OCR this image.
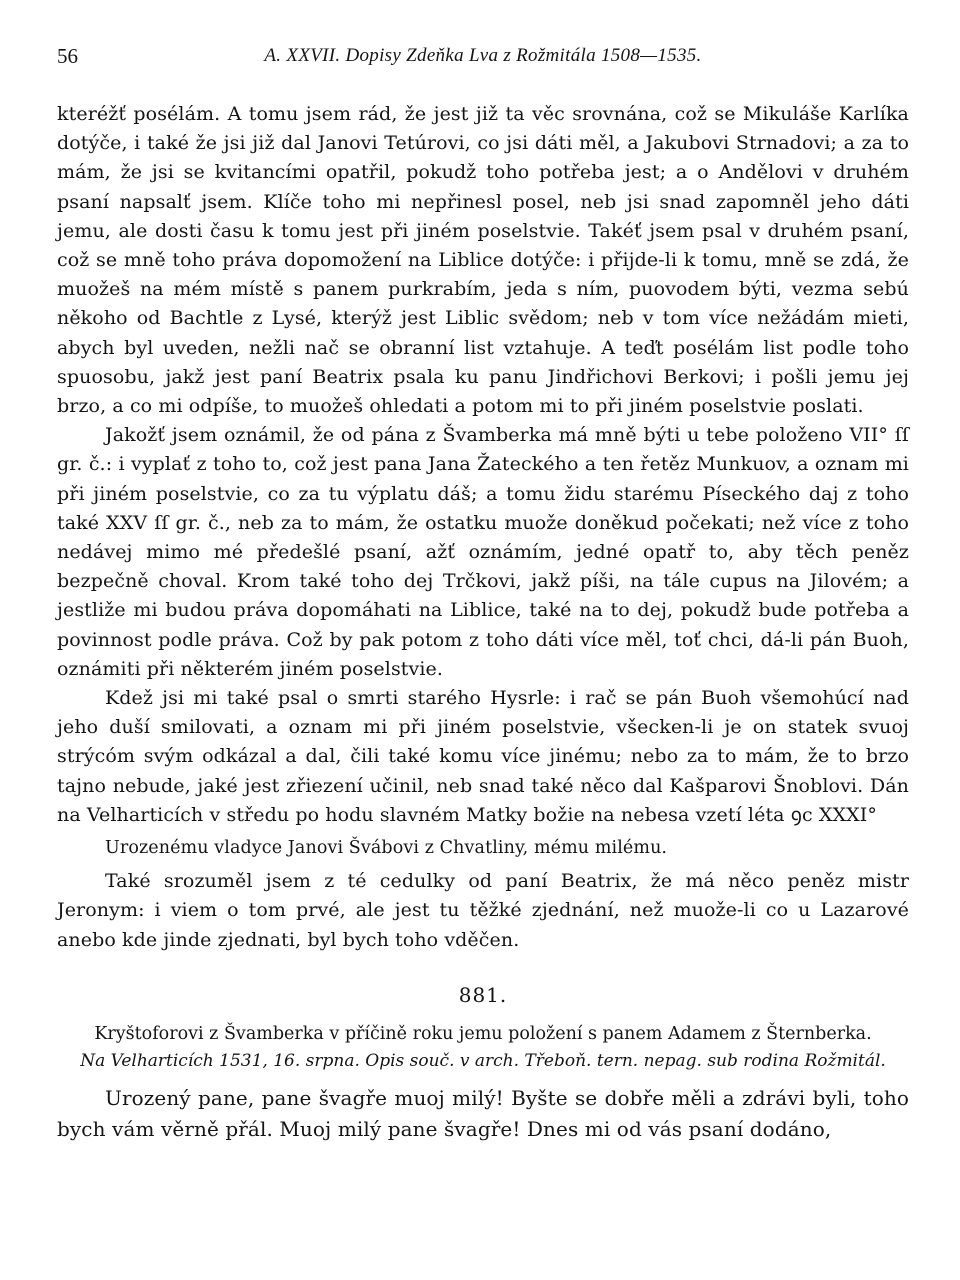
56	A. XXVII. Dopisy Zdeňka Lva z Rožmitála 1508—1535.

kteréžť posélám. A tomu jsem rád, že jest již ta věc srovnána, což se Mikuláše Karlíka dotýče, i také že jsi již dal Janovi Tetúrovi, co jsi dáti měl, a Jakubovi Strnadovi; a za to mám, že jsi se kvitancími opatřil, pokudž toho potřeba jest; a o Andělovi v druhém psaní napsalť jsem. Klíče toho mi nepřinesl posel, neb jsi snad zapomněl jeho dáti jemu, ale dosti času k tomu jest při jiném poselstvie. Takéť jsem psal v druhém psaní, což se mně toho práva dopomožení na Liblice dotýče: i přijde-li k tomu, mně se zdá, že muožeš na mém místě s panem purkrabím, jeda s ním, puovodem býti, vezma sebú někoho od Bachtle z Lysé, kterýž jest Liblic svědom; neb v tom více nežádám mieti, abych byl uveden, nežli nač se obranní list vztahuje. A teďt posélám list podle toho spuosobu, jakž jest paní Beatrix psala ku panu Jindřichovi Berkovi; i pošli jemu jej brzo, a co mi odpíše, to muožeš ohledati a potom mi to při jiném poselstvie poslati.

Jakožť jsem oznámil, že od pána z Švamberka má mně býti u tebe položeno VII° ſſ gr. č.: i vyplať z toho to, což jest pana Jana Žateckého a ten řetěz Munkuov, a oznam mi při jiném poselstvie, co za tu výplatu dáš; a tomu židu starému Píseckého daj z toho také XXV ſſ gr. č., neb za to mám, že ostatku muože doněkud počekati; než více z toho nedávej mimo mé předešlé psaní, ažť oznámím, jedné opatř to, aby těch peněz bezpečně choval. Krom také toho dej Trčkovi, jakž píši, na tále cupus na Jilovém; a jestliže mi budou práva dopomáhati na Liblice, také na to dej, pokudž bude potřeba a povinnost podle práva. Což by pak potom z toho dáti více měl, toť chci, dá-li pán Buoh, oznámiti při některém jiném poselstvie.

Kdež jsi mi také psal o smrti starého Hysrle: i rač se pán Buoh všemohúcí nad jeho duší smilovati, a oznam mi při jiném poselstvie, všecken-li je on statek svuoj strýcóm svým odkázal a dal, čili také komu více jinému; nebo za to mám, že to brzo tajno nebude, jaké jest zřiezení učinil, neb snad také něco dal Kašparovi Šnoblovi. Dán na Velharticích v středu po hodu slavném Matky božie na nebesa vzetí léta ꝯc XXXI°

Urozenému vladyce Janovi Švábovi z Chvatliny, mému milému.

Také srozuměl jsem z té cedulky od paní Beatrix, že má něco peněz mistr Jeronym: i viem o tom prvé, ale jest tu těžké zjednání, než muože-li co u Lazarové anebo kde jinde zjednati, byl bych toho vděčen.

881.
Kryštoforovi z Švamberka v příčině roku jemu položení s panem Adamem z Šternberka.
Na Velharticích 1531, 16. srpna. Opis souč. v arch. Třeboň. tern. nepag. sub rodina Rožmitál.

Urozený pane, pane švagře muoj milý! Byšte se dobře měli a zdrávi byli, toho bych vám věrně přál. Muoj milý pane švagře! Dnes mi od vás psaní dodáno,
